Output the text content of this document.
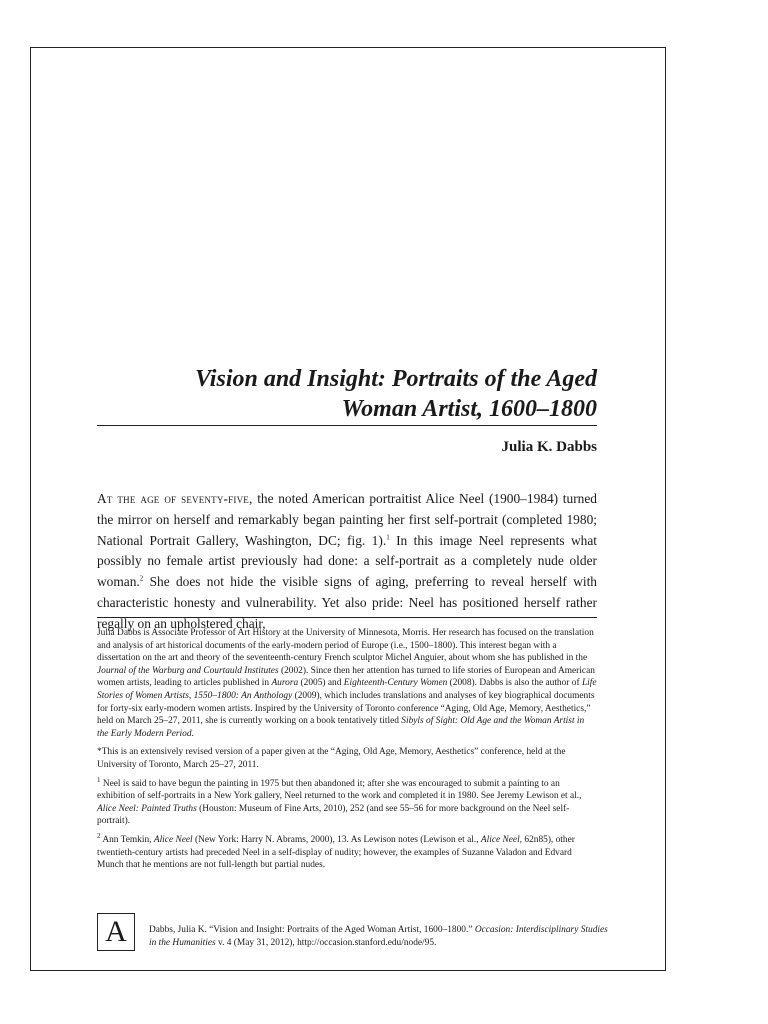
Vision and Insight: Portraits of the Aged
Woman Artist, 1600–1800
Julia K. Dabbs

At the age of seventy-five, the noted American portraitist Alice Neel (1900–1984) turned the mirror on herself and remarkably began painting her first self-portrait (completed 1980; National Portrait Gallery, Washington, DC; fig. 1).$^1$ In this image Neel represents what possibly no female artist previously had done: a self-portrait as a completely nude older woman.$^2$ She does not hide the visible signs of aging, preferring to reveal herself with characteristic honesty and vulnerability. Yet also pride: Neel has positioned herself rather regally on an upholstered chair,

Julia Dabbs is Associate Professor of Art History at the University of Minnesota, Morris. Her research has focused on the translation and analysis of art historical documents of the early-modern period of Europe (i.e., 1500–1800). This interest began with a dissertation on the art and theory of the seventeenth-century French sculptor Michel Anguier, about whom she has published in the Journal of the Warburg and Courtauld Institutes (2002). Since then her attention has turned to life stories of European and American women artists, leading to articles published in Aurora (2005) and Eighteenth-Century Women (2008). Dabbs is also the author of Life Stories of Women Artists, 1550–1800: An Anthology (2009), which includes translations and analyses of key biographical documents for forty-six early-modern women artists. Inspired by the University of Toronto conference “Aging, Old Age, Memory, Aesthetics,” held on March 25–27, 2011, she is currently working on a book tentatively titled Sibyls of Sight: Old Age and the Woman Artist in the Early Modern Period.

*This is an extensively revised version of a paper given at the “Aging, Old Age, Memory, Aesthetics” conference, held at the University of Toronto, March 25–27, 2011.

$^1$ Neel is said to have begun the painting in 1975 but then abandoned it; after she was encouraged to submit a painting to an exhibition of self-portraits in a New York gallery, Neel returned to the work and completed it in 1980. See Jeremy Lewison et al., Alice Neel: Painted Truths (Houston: Museum of Fine Arts, 2010), 252 (and see 55–56 for more background on the Neel self-portrait).

$^2$ Ann Temkin, Alice Neel (New York: Harry N. Abrams, 2000), 13. As Lewison notes (Lewison et al., Alice Neel, 62n85), other twentieth-century artists had preceded Neel in a self-display of nudity; however, the examples of Suzanne Valadon and Edvard Munch that he mentions are not full-length but partial nudes.

A	Dabbs, Julia K. “Vision and Insight: Portraits of the Aged Woman Artist, 1600–1800.” Occasion: Interdisciplinary Studies in the Humanities v. 4 (May 31, 2012), http://occasion.stanford.edu/node/95.
